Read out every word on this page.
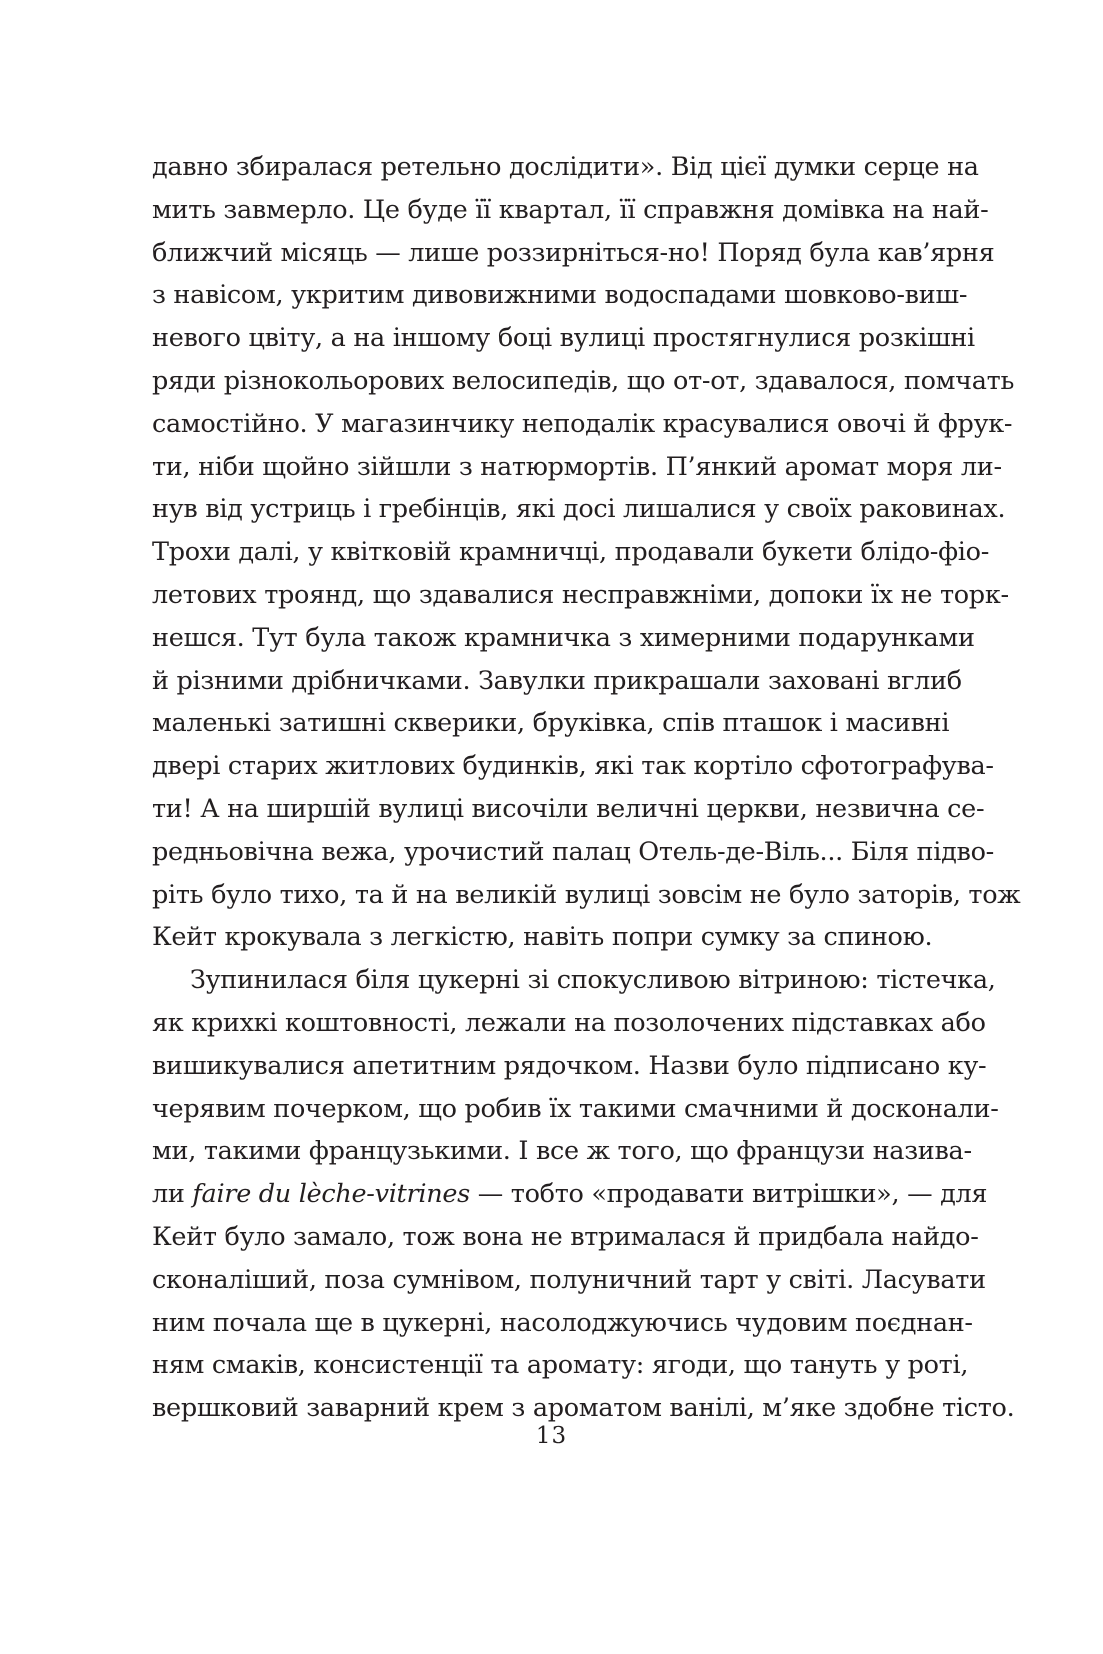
давно збиралася ретельно дослідити». Від цієї думки серце на
мить завмерло. Це буде її квартал, її справжня домівка на най-
ближчий місяць — лише роззирніться-но! Поряд була кав’ярня
з навісом, укритим дивовижними водоспадами шовково-виш-
невого цвіту, а на іншому боці вулиці простягнулися розкішні
ряди різнокольорових велосипедів, що от-от, здавалося, помчать
самостійно. У магазинчику неподалік красувалися овочі й фрук-
ти, ніби щойно зійшли з натюрмортів. П’янкий аромат моря ли-
нув від устриць і гребінців, які досі лишалися у своїх раковинах.
Трохи далі, у квітковій крамничці, продавали букети блідо-фіо-
летових троянд, що здавалися несправжніми, допоки їх не торк-
нешся. Тут була також крамничка з химерними подарунками
й різними дрібничками. Завулки прикрашали заховані вглиб
маленькі затишні скверики, бруківка, спів пташок і масивні
двері старих житлових будинків, які так кортіло сфотографува-
ти! А на ширшій вулиці височіли величні церкви, незвична се-
редньовічна вежа, урочистий палац Отель-де-Віль... Біля підво-
ріть було тихо, та й на великій вулиці зовсім не було заторів, тож
Кейт крокувала з легкістю, навіть попри сумку за спиною.
Зупинилася біля цукерні зі спокусливою вітриною: тістечка,
як крихкі коштовності, лежали на позолочених підставках або
вишикувалися апетитним рядочком. Назви було підписано ку-
черявим почерком, що робив їх такими смачними й досконали-
ми, такими французькими. І все ж того, що французи назива-
ли faire du lèche-vitrines — тобто «продавати витрішки», — для
Кейт було замало, тож вона не втрималася й придбала найдо-
сконаліший, поза сумнівом, полуничний тарт у світі. Ласувати
ним почала ще в цукерні, насолоджуючись чудовим поєднан-
ням смаків, консистенції та аромату: ягоди, що тануть у роті,
вершковий заварний крем з ароматом ванілі, м’яке здобне тісто.
13
